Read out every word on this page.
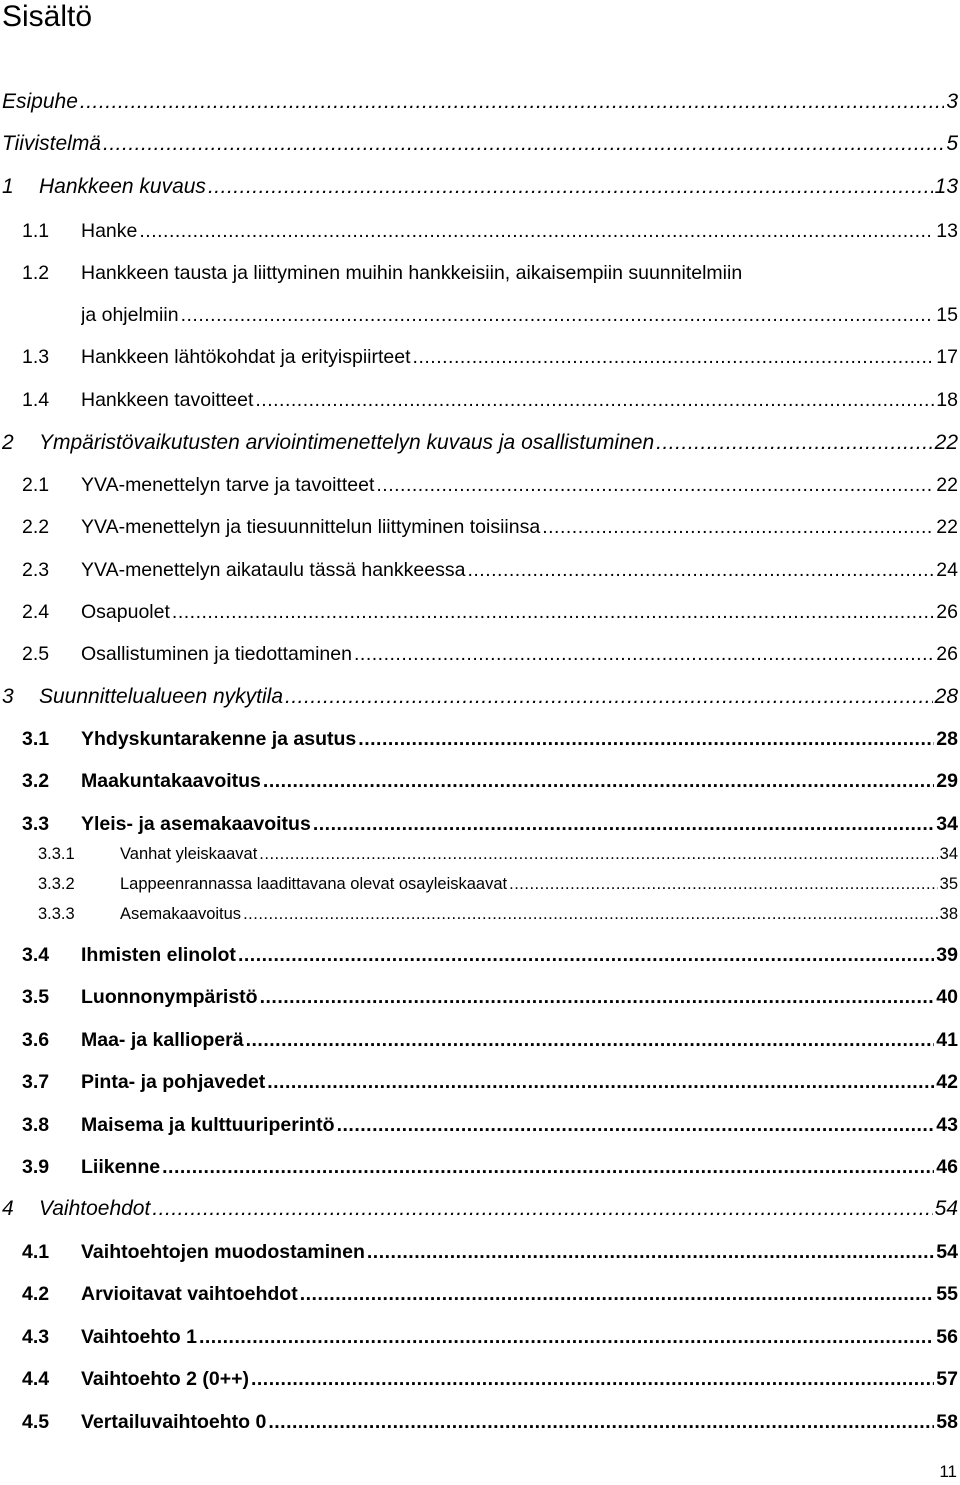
Sisältö
Esipuhe .....	3
Tiivistelmä .....	5
1	Hankkeen kuvaus .....	13
1.1	Hanke .....	13
1.2	Hankkeen tausta ja liittyminen muihin hankkeisiin, aikaisempiin suunnitelmiin
ja ohjelmiin .....	15
1.3	Hankkeen lähtökohdat ja erityispiirteet .....	17
1.4	Hankkeen tavoitteet .....	18
2	Ympäristövaikutusten arviointimenettelyn kuvaus ja osallistuminen .....	22
2.1	YVA-menettelyn tarve ja tavoitteet .....	22
2.2	YVA-menettelyn ja tiesuunnittelun liittyminen toisiinsa .....	22
2.3	YVA-menettelyn aikataulu tässä hankkeessa .....	24
2.4	Osapuolet .....	26
2.5	Osallistuminen ja tiedottaminen .....	26
3	Suunnittelualueen nykytila .....	28
3.1	Yhdyskuntarakenne ja asutus .....	28
3.2	Maakuntakaavoitus .....	29
3.3	Yleis- ja asemakaavoitus .....	34
3.3.1	Vanhat yleiskaavat .....	34
3.3.2	Lappeenrannassa laadittavana olevat osayleiskaavat .....	35
3.3.3	Asemakaavoitus .....	38
3.4	Ihmisten elinolot .....	39
3.5	Luonnonympäristö .....	40
3.6	Maa- ja kallioperä .....	41
3.7	Pinta- ja pohjavedet .....	42
3.8	Maisema ja kulttuuriperintö .....	43
3.9	Liikenne .....	46
4	Vaihtoehdot .....	54
4.1	Vaihtoehtojen muodostaminen .....	54
4.2	Arvioitavat vaihtoehdot .....	55
4.3	Vaihtoehto 1 .....	56
4.4	Vaihtoehto 2 (0++) .....	57
4.5	Vertailuvaihtoehto 0 .....	58
11
